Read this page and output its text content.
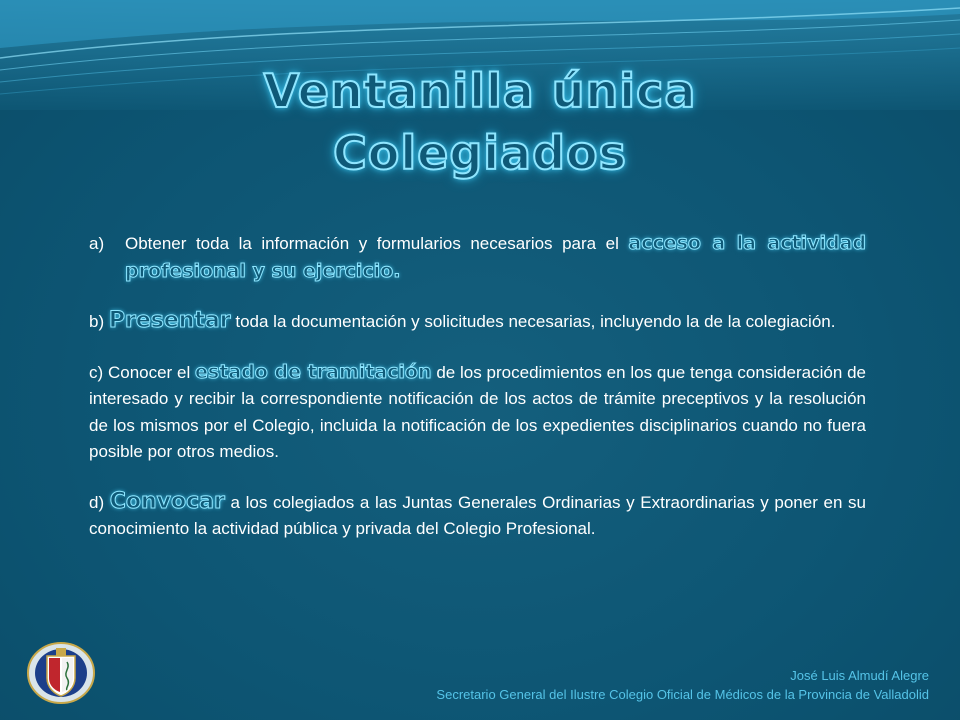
Ventanilla única
Colegiados

a) Obtener toda la información y formularios necesarios para el acceso a la actividad profesional y su ejercicio.

b) Presentar toda la documentación y solicitudes necesarias, incluyendo la de la colegiación.

c) Conocer el estado de tramitación de los procedimientos en los que tenga consideración de interesado y recibir la correspondiente notificación de los actos de trámite preceptivos y la resolución de los mismos por el Colegio, incluida la notificación de los expedientes disciplinarios cuando no fuera posible por otros medios.

d) Convocar a los colegiados a las Juntas Generales Ordinarias y Extraordinarias y poner en su conocimiento la actividad pública y privada del Colegio Profesional.

José Luis Almudí Alegre
Secretario General del Ilustre Colegio Oficial de Médicos de la Provincia de Valladolid
